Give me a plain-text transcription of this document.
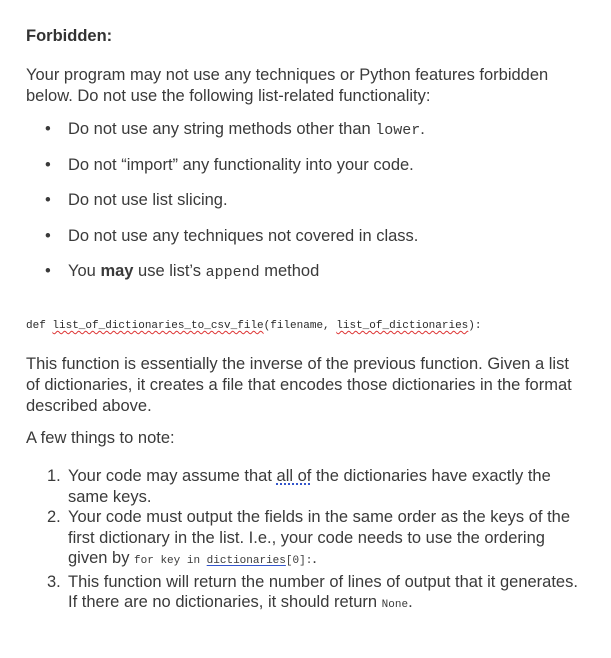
Forbidden:

Your program may not use any techniques or Python features forbidden below. Do not use the following list-related functionality:

• Do not use any string methods other than lower.
• Do not “import” any functionality into your code.
• Do not use list slicing.
• Do not use any techniques not covered in class.
• You may use list’s append method
def list_of_dictionaries_to_csv_file(filename, list_of_dictionaries):

This function is essentially the inverse of the previous function. Given a list of dictionaries, it creates a file that encodes those dictionaries in the format described above.

A few things to note:

1. Your code may assume that all of the dictionaries have exactly the same keys.
2. Your code must output the fields in the same order as the keys of the first dictionary in the list. I.e., your code needs to use the ordering given by for key in dictionaries[0]:.
3. This function will return the number of lines of output that it generates. If there are no dictionaries, it should return None.
